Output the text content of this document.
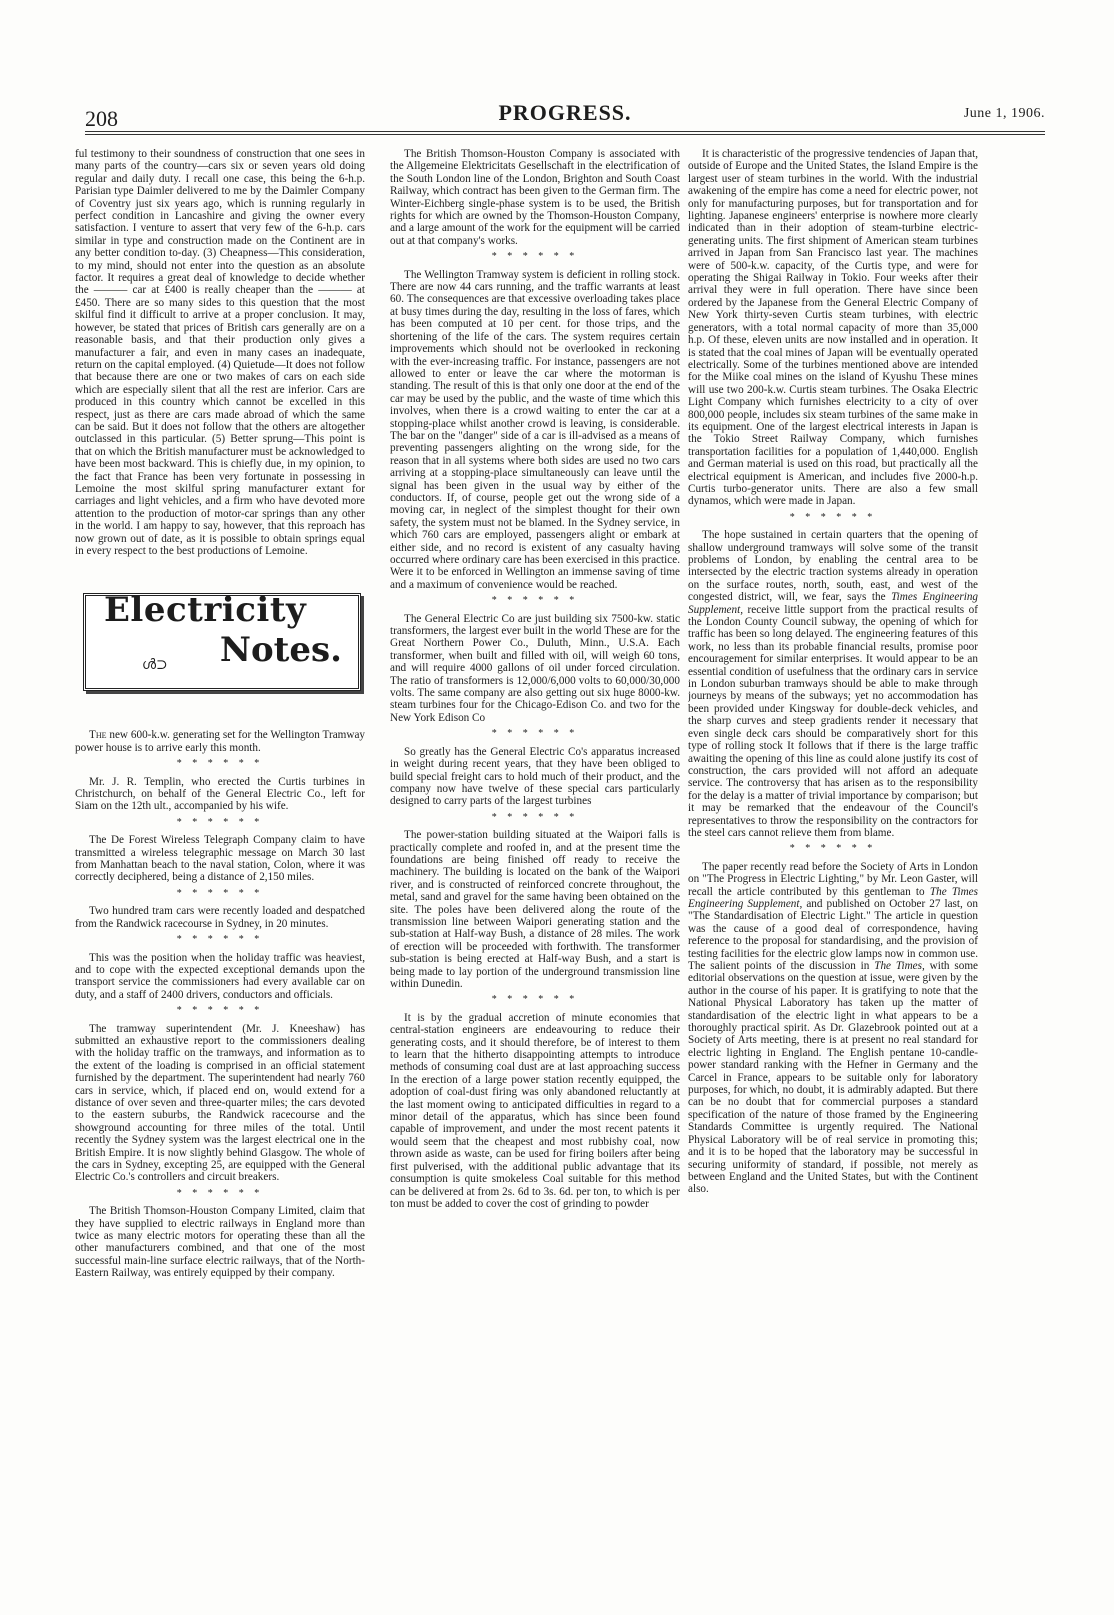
208	PROGRESS.	June 1, 1906.

ful testimony to their soundness of construction that one sees in many parts of the country—cars six or seven years old doing regular and daily duty. I recall one case, this being the 6-h.p. Parisian type Daimler delivered to me by the Daimler Company of Coventry just six years ago, which is running regularly in perfect condition in Lancashire and giving the owner every satisfaction. I venture to assert that very few of the 6-h.p. cars similar in type and construction made on the Continent are in any better condition to-day. (3) Cheapness—This consideration, to my mind, should not enter into the question as an absolute factor. It requires a great deal of knowledge to decide whether the ——— car at £400 is really cheaper than the ——— at £450. There are so many sides to this question that the most skilful find it difficult to arrive at a proper conclusion. It may, however, be stated that prices of British cars generally are on a reasonable basis, and that their production only gives a manufacturer a fair, and even in many cases an inadequate, return on the capital employed. (4) Quietude—It does not follow that because there are one or two makes of cars on each side which are especially silent that all the rest are inferior. Cars are produced in this country which cannot be excelled in this respect, just as there are cars made abroad of which the same can be said. But it does not follow that the others are altogether outclassed in this particular. (5) Better sprung—This point is that on which the British manufacturer must be acknowledged to have been most backward. This is chiefly due, in my opinion, to the fact that France has been very fortunate in possessing in Lemoine the most skilful spring manufacturer extant for carriages and light vehicles, and a firm who have devoted more attention to the production of motor-car springs than any other in the world. I am happy to say, however, that this reproach has now grown out of date, as it is possible to obtain springs equal in every respect to the best productions of Lemoine.

Electricity
ൾ⊃ Notes.

The new 600-k.w. generating set for the Wellington Tramway power house is to arrive early this month.

* * * * * *

Mr. J. R. Templin, who erected the Curtis turbines in Christchurch, on behalf of the General Electric Co., left for Siam on the 12th ult., accompanied by his wife.

* * * * * *

The De Forest Wireless Telegraph Company claim to have transmitted a wireless telegraphic message on March 30 last from Manhattan beach to the naval station, Colon, where it was correctly deciphered, being a distance of 2,150 miles.

* * * * * *

Two hundred tram cars were recently loaded and despatched from the Randwick racecourse in Sydney, in 20 minutes.

* * * * * *

This was the position when the holiday traffic was heaviest, and to cope with the expected exceptional demands upon the transport service the commissioners had every available car on duty, and a staff of 2400 drivers, conductors and officials.

* * * * * *

The tramway superintendent (Mr. J. Kneeshaw) has submitted an exhaustive report to the commissioners dealing with the holiday traffic on the tramways, and information as to the extent of the loading is comprised in an official statement furnished by the department. The superintendent had nearly 760 cars in service, which, if placed end on, would extend for a distance of over seven and three-quarter miles; the cars devoted to the eastern suburbs, the Randwick racecourse and the showground accounting for three miles of the total. Until recently the Sydney system was the largest electrical one in the British Empire. It is now slightly behind Glasgow. The whole of the cars in Sydney, excepting 25, are equipped with the General Electric Co.'s controllers and circuit breakers.

* * * * * *

The British Thomson-Houston Company Limited, claim that they have supplied to electric railways in England more than twice as many electric motors for operating these than all the other manufacturers combined, and that one of the most successful main-line surface electric railways, that of the North-Eastern Railway, was entirely equipped by their company.

The British Thomson-Houston Company is associated with the Allgemeine Elektricitats Gesellschaft in the electrification of the South London line of the London, Brighton and South Coast Railway, which contract has been given to the German firm. The Winter-Eichberg single-phase system is to be used, the British rights for which are owned by the Thomson-Houston Company, and a large amount of the work for the equipment will be carried out at that company's works.

* * * * * *

The Wellington Tramway system is deficient in rolling stock. There are now 44 cars running, and the traffic warrants at least 60. The consequences are that excessive overloading takes place at busy times during the day, resulting in the loss of fares, which has been computed at 10 per cent. for those trips, and the shortening of the life of the cars. The system requires certain improvements which should not be overlooked in reckoning with the ever-increasing traffic. For instance, passengers are not allowed to enter or leave the car where the motorman is standing. The result of this is that only one door at the end of the car may be used by the public, and the waste of time which this involves, when there is a crowd waiting to enter the car at a stopping-place whilst another crowd is leaving, is considerable. The bar on the "danger" side of a car is ill-advised as a means of preventing passengers alighting on the wrong side, for the reason that in all systems where both sides are used no two cars arriving at a stopping-place simultaneously can leave until the signal has been given in the usual way by either of the conductors. If, of course, people get out the wrong side of a moving car, in neglect of the simplest thought for their own safety, the system must not be blamed. In the Sydney service, in which 760 cars are employed, passengers alight or embark at either side, and no record is existent of any casualty having occurred where ordinary care has been exercised in this practice. Were it to be enforced in Wellington an immense saving of time and a maximum of convenience would be reached.

* * * * * *

The General Electric Co are just building six 7500-kw. static transformers, the largest ever built in the world These are for the Great Northern Power Co., Duluth, Minn., U.S.A. Each transformer, when built and filled with oil, will weigh 60 tons, and will require 4000 gallons of oil under forced circulation. The ratio of transformers is 12,000/6,000 volts to 60,000/30,000 volts. The same company are also getting out six huge 8000-kw. steam turbines four for the Chicago-Edison Co. and two for the New York Edison Co

* * * * * *

So greatly has the General Electric Co's apparatus increased in weight during recent years, that they have been obliged to build special freight cars to hold much of their product, and the company now have twelve of these special cars particularly designed to carry parts of the largest turbines

* * * * * *

The power-station building situated at the Waipori falls is practically complete and roofed in, and at the present time the foundations are being finished off ready to receive the machinery. The building is located on the bank of the Waipori river, and is constructed of reinforced concrete throughout, the metal, sand and gravel for the same having been obtained on the site. The poles have been delivered along the route of the transmission line between Waipori generating station and the sub-station at Half-way Bush, a distance of 28 miles. The work of erection will be proceeded with forthwith. The transformer sub-station is being erected at Half-way Bush, and a start is being made to lay portion of the underground transmission line within Dunedin.

* * * * * *

It is by the gradual accretion of minute economies that central-station engineers are endeavouring to reduce their generating costs, and it should therefore, be of interest to them to learn that the hitherto disappointing attempts to introduce methods of consuming coal dust are at last approaching success In the erection of a large power station recently equipped, the adoption of coal-dust firing was only abandoned reluctantly at the last moment owing to anticipated difficulties in regard to a minor detail of the apparatus, which has since been found capable of improvement, and under the most recent patents it would seem that the cheapest and most rubbishy coal, now thrown aside as waste, can be used for firing boilers after being first pulverised, with the additional public advantage that its consumption is quite smokeless Coal suitable for this method can be delivered at from 2s. 6d to 3s. 6d. per ton, to which is per ton must be added to cover the cost of grinding to powder

It is characteristic of the progressive tendencies of Japan that, outside of Europe and the United States, the Island Empire is the largest user of steam turbines in the world. With the industrial awakening of the empire has come a need for electric power, not only for manufacturing purposes, but for transportation and for lighting. Japanese engineers' enterprise is nowhere more clearly indicated than in their adoption of steam-turbine electric-generating units. The first shipment of American steam turbines arrived in Japan from San Francisco last year. The machines were of 500-k.w. capacity, of the Curtis type, and were for operating the Shigai Railway in Tokio. Four weeks after their arrival they were in full operation. There have since been ordered by the Japanese from the General Electric Company of New York thirty-seven Curtis steam turbines, with electric generators, with a total normal capacity of more than 35,000 h.p. Of these, eleven units are now installed and in operation. It is stated that the coal mines of Japan will be eventually operated electrically. Some of the turbines mentioned above are intended for the Miike coal mines on the island of Kyushu These mines will use two 200-k.w. Curtis steam turbines. The Osaka Electric Light Company which furnishes electricity to a city of over 800,000 people, includes six steam turbines of the same make in its equipment. One of the largest electrical interests in Japan is the Tokio Street Railway Company, which furnishes transportation facilities for a population of 1,440,000. English and German material is used on this road, but practically all the electrical equipment is American, and includes five 2000-h.p. Curtis turbo-generator units. There are also a few small dynamos, which were made in Japan.

* * * * * *

The hope sustained in certain quarters that the opening of shallow underground tramways will solve some of the transit problems of London, by enabling the central area to be intersected by the electric traction systems already in operation on the surface routes, north, south, east, and west of the congested district, will, we fear, says the Times Engineering Supplement, receive little support from the practical results of the London County Council subway, the opening of which for traffic has been so long delayed. The engineering features of this work, no less than its probable financial results, promise poor encouragement for similar enterprises. It would appear to be an essential condition of usefulness that the ordinary cars in service in London suburban tramways should be able to make through journeys by means of the subways; yet no accommodation has been provided under Kingsway for double-deck vehicles, and the sharp curves and steep gradients render it necessary that even single deck cars should be comparatively short for this type of rolling stock It follows that if there is the large traffic awaiting the opening of this line as could alone justify its cost of construction, the cars provided will not afford an adequate service. The controversy that has arisen as to the responsibility for the delay is a matter of trivial importance by comparison; but it may be remarked that the endeavour of the Council's representatives to throw the responsibility on the contractors for the steel cars cannot relieve them from blame.

* * * * * *

The paper recently read before the Society of Arts in London on "The Progress in Electric Lighting," by Mr. Leon Gaster, will recall the article contributed by this gentleman to The Times Engineering Supplement, and published on October 27 last, on "The Standardisation of Electric Light." The article in question was the cause of a good deal of correspondence, having reference to the proposal for standardising, and the provision of testing facilities for the electric glow lamps now in common use. The salient points of the discussion in The Times, with some editorial observations on the question at issue, were given by the author in the course of his paper. It is gratifying to note that the National Physical Laboratory has taken up the matter of standardisation of the electric light in what appears to be a thoroughly practical spirit. As Dr. Glazebrook pointed out at a Society of Arts meeting, there is at present no real standard for electric lighting in England. The English pentane 10-candle-power standard ranking with the Hefner in Germany and the Carcel in France, appears to be suitable only for laboratory purposes, for which, no doubt, it is admirably adapted. But there can be no doubt that for commercial purposes a standard specification of the nature of those framed by the Engineering Standards Committee is urgently required. The National Physical Laboratory will be of real service in promoting this; and it is to be hoped that the laboratory may be successful in securing uniformity of standard, if possible, not merely as between England and the United States, but with the Continent also.
